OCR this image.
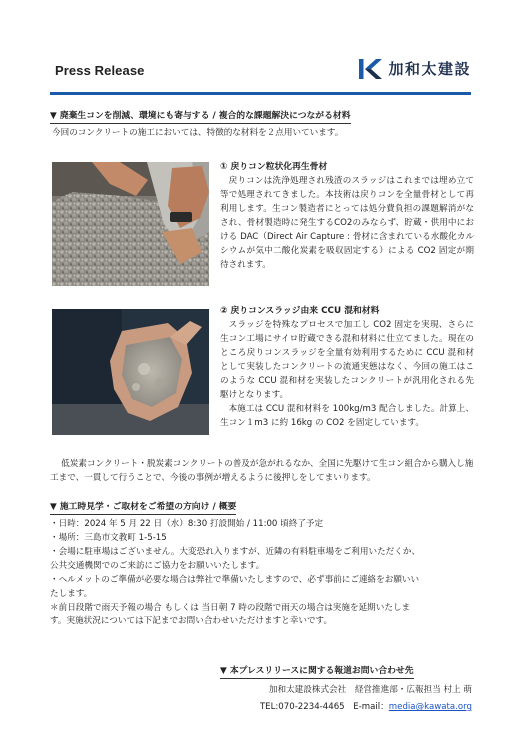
Press Release	加和太建設
▼ 廃棄生コンを削減、環境にも寄与する / 複合的な課題解決につながる材料
今回のコンクリートの施工においては、特徴的な材料を２点用いています。
① 戻りコン粒状化再生骨材

戻りコンは洗浄処理され残渣のスラッジはこれまでは埋め立て等で処理されてきました。本技術は戻りコンを全量骨材として再利用します。生コン製造者にとっては処分費負担の課題解消がなされ、骨材製造時に発生するCO2のみならず、貯蔵・供用中における DAC（Direct Air Capture : 骨材に含まれている水酸化カルシウムが気中二酸化炭素を吸収固定する）による CO2 固定が期待されます。

② 戻りコンスラッジ由来 CCU 混和材料

スラッジを特殊なプロセスで加工し CO2 固定を実現、さらに生コン工場にサイロ貯蔵できる混和材料に仕立てました。現在のところ戻りコンスラッジを全量有効利用するために CCU 混和材として実装したコンクリートの流通実態はなく、今回の施工はこのような CCU 混和材を実装したコンクリートが汎用化される先駆けとなります。

本施工は CCU 混和材料を 100kg/m3 配合しました。計算上、生コン１m3 に約 16kg の CO2 を固定しています。

低炭素コンクリート・脱炭素コンクリートの普及が急がれるなか、全国に先駆けて生コン組合から購入し施工まで、一貫して行うことで、今後の事例が増えるように後押しをしてまいります。
▼ 施工時見学・ご取材をご希望の方向け / 概要
・日時：2024 年 5 月 22 日（水）8:30 打設開始 / 11:00 頃終了予定
・場所：三島市文教町 1-5-15
・会場に駐車場はございません。大変恐れ入りますが、近隣の有料駐車場をご利用いただくか、
公共交通機関でのご来訪にご協力をお願いいたします。
・ヘルメットのご準備が必要な場合は弊社で準備いたしますので、必ず事前にご連絡をお願いい
たします。
＊前日段階で雨天予報の場合 もしくは 当日朝 7 時の段階で雨天の場合は実施を延期いたしま
す。実施状況については下記までお問い合わせいただけますと幸いです。
▼ 本プレスリリースに関する報道お問い合わせ先
加和太建設株式会社　経営推進部・広報担当 村上 萌
TEL:070-2234-4465　E-mail：media@kawata.org
